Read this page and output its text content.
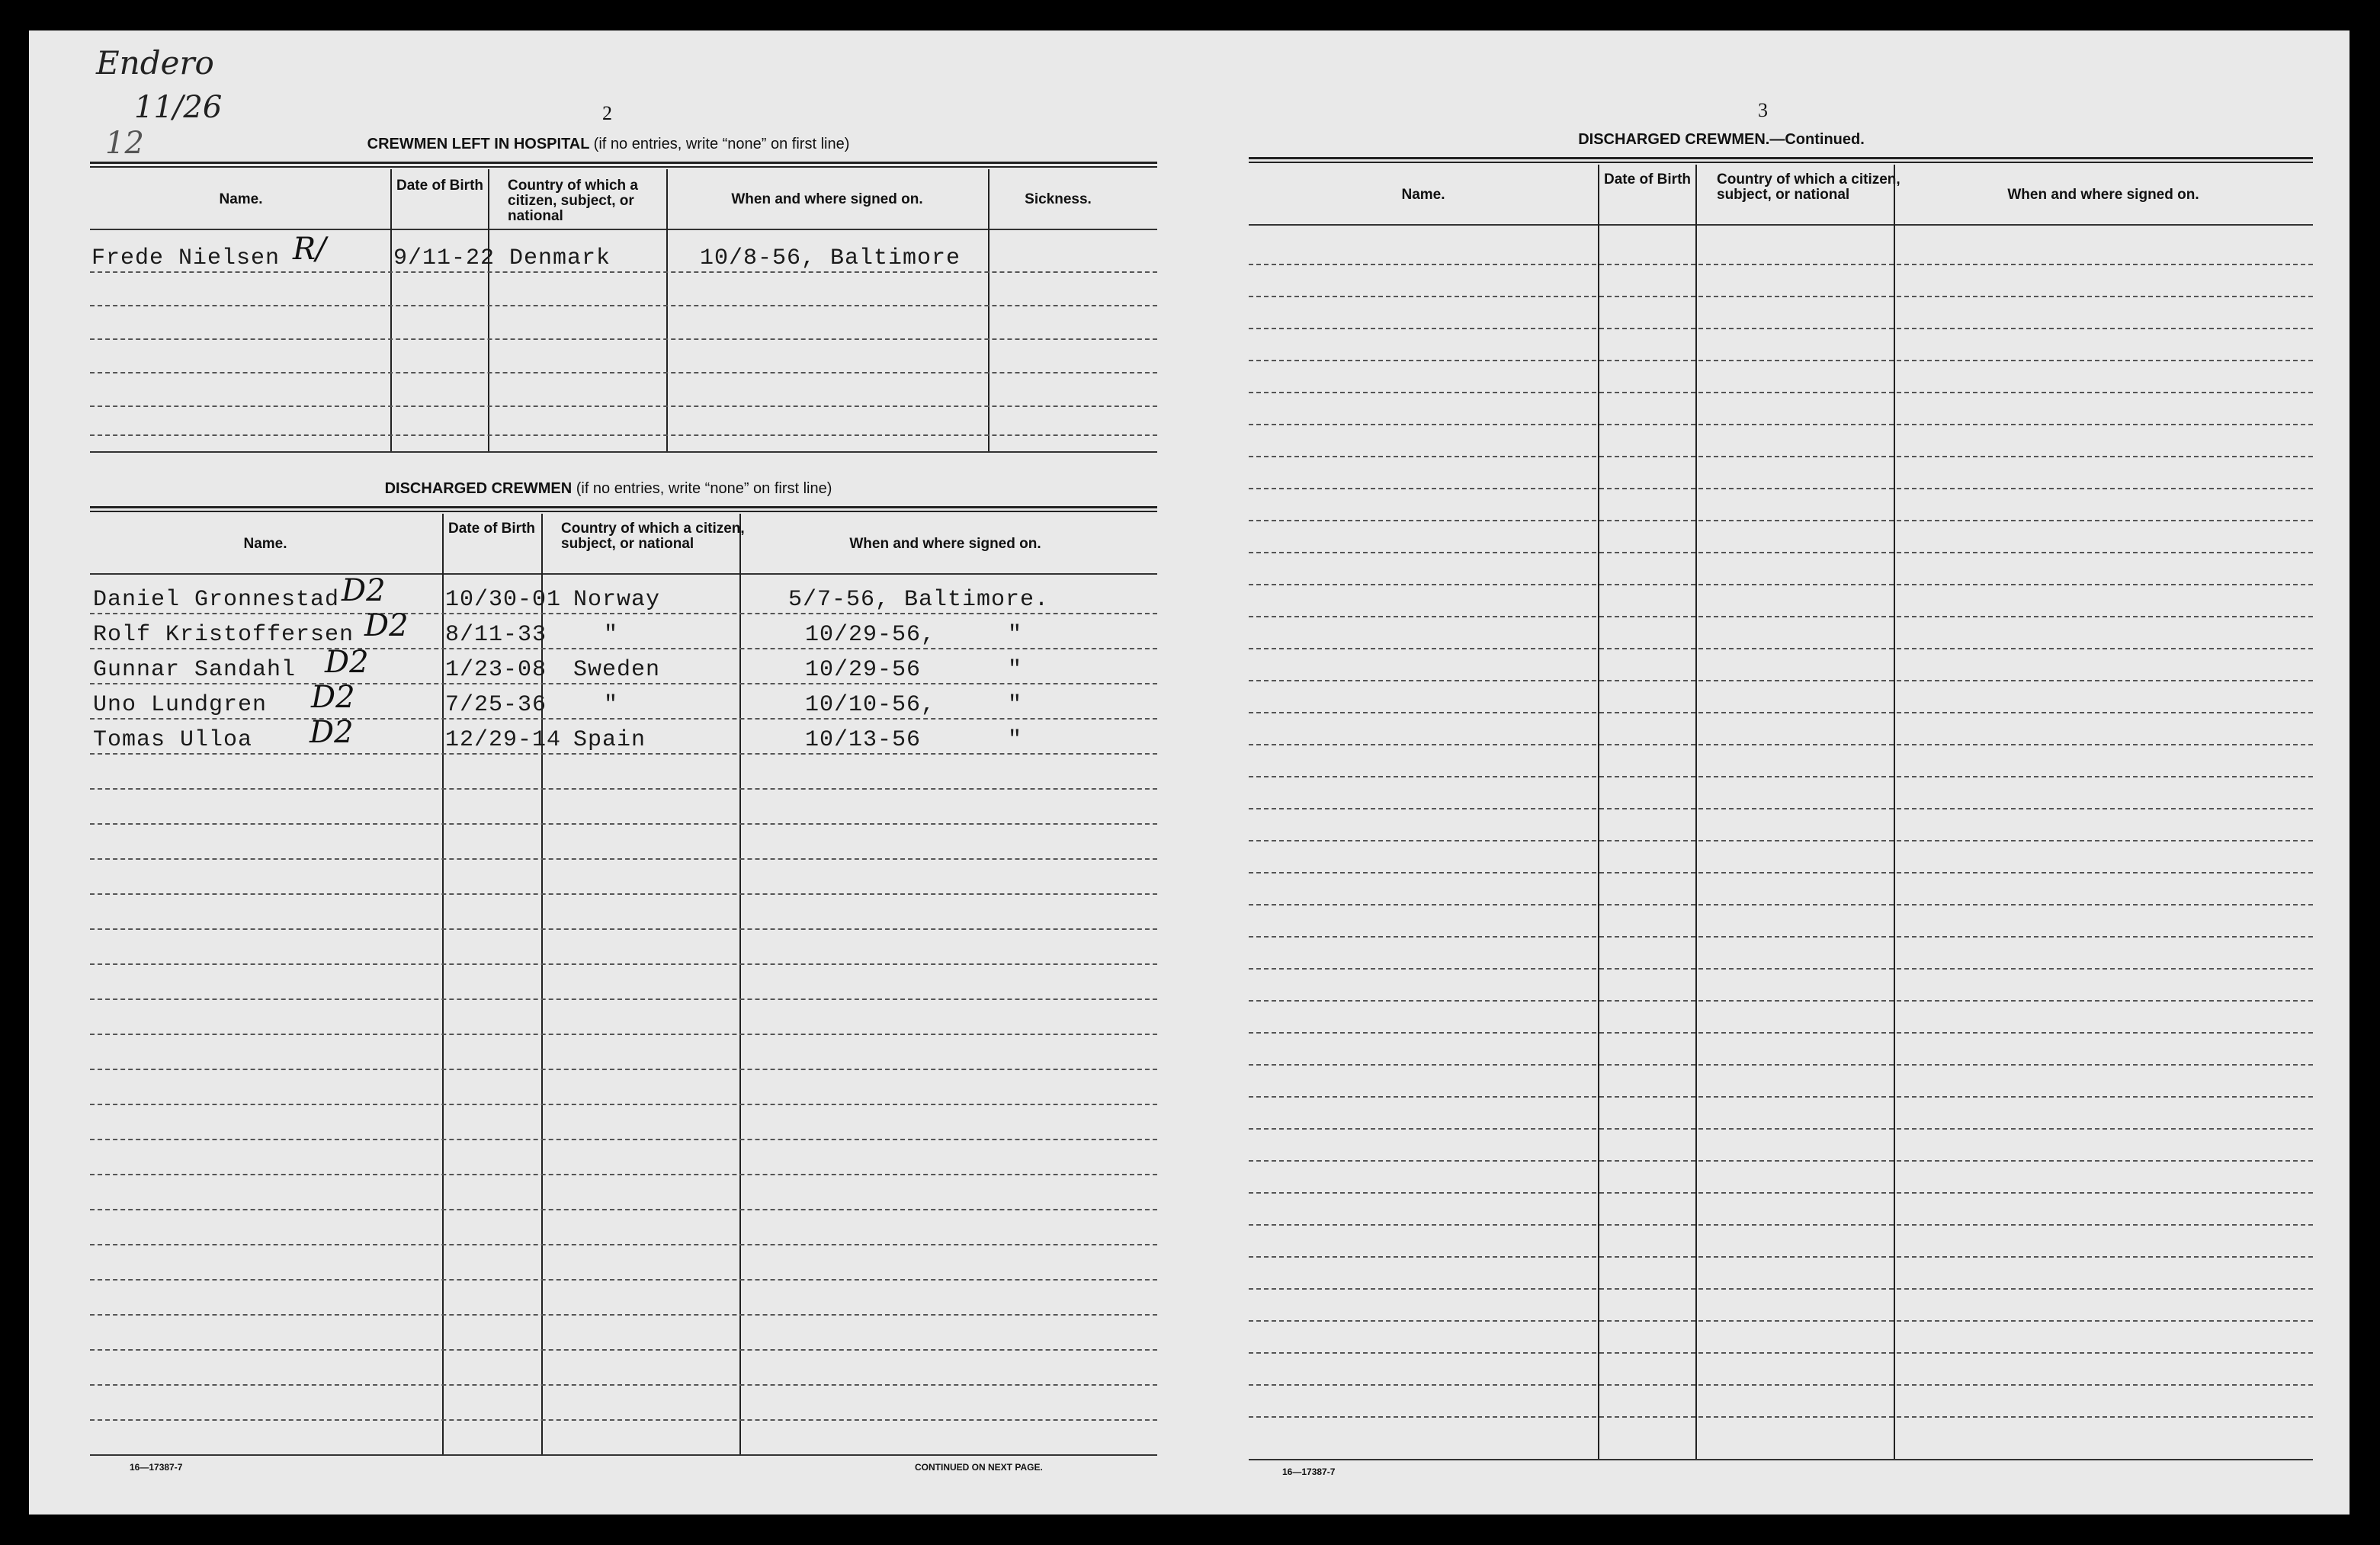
Endero
11/26
12
2
CREWMEN LEFT IN HOSPITAL (if no entries, write “none” on first line)
Name.
Date of Birth	Country of which a citizen, subject, or national
When and where signed on.	Sickness.
Frede Nielsen R/	9/11-22 Denmark	10/8-56, Baltimore
DISCHARGED CREWMEN (if no entries, write “none” on first line)
Name.
Date of Birth	Country of which a citizen, subject, or national	When and where signed on.
Daniel Gronnestad D2	10/30-01 Norway	5/7-56, Baltimore.
Rolf Kristoffersen D2 8/11-33 "	10/29-56,	"
Gunnar Sandahl D2	1/23-08 Sweden	10/29-56	"
Uno Lundgren D2	7/25-36 "	10/10-56,	"
Tomas Ulloa D2	12/29-14 Spain	10/13-56	"
16—17387-7	CONTINUED ON NEXT PAGE.
3
DISCHARGED CREWMEN.—Continued.
Name.
Date of Birth	Country of which a citizen, subject, or national	When and where signed on.
16—17387-7
